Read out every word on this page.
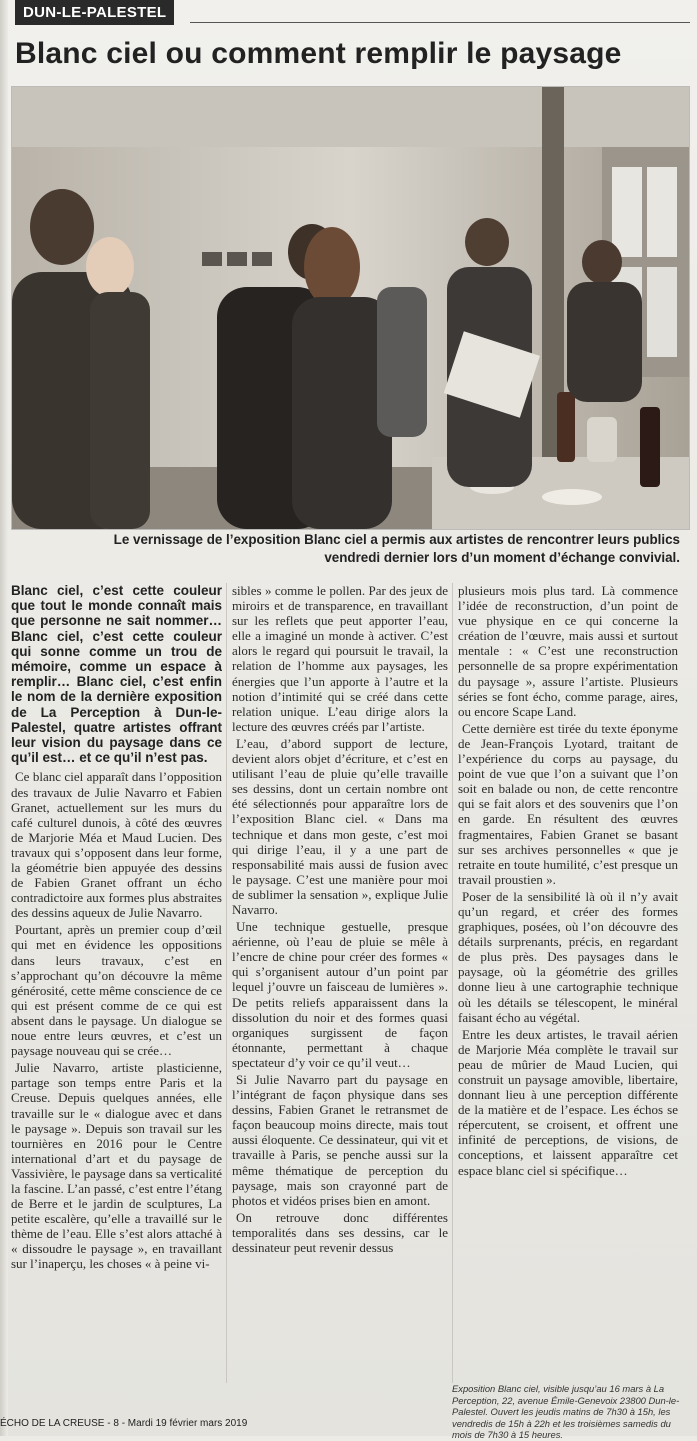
DUN-LE-PALESTEL
Blanc ciel ou comment remplir le paysage

Le vernissage de l’exposition Blanc ciel a permis aux artistes de rencontrer leurs publics vendredi dernier lors d’un moment d’échange convivial.

Blanc ciel, c’est cette couleur que tout le monde connaît mais que personne ne sait nommer… Blanc ciel, c’est cette couleur qui sonne comme un trou de mémoire, comme un espace à remplir… Blanc ciel, c’est enfin le nom de la dernière exposition de La Perception à Dun-le-Palestel, quatre artistes offrant leur vision du paysage dans ce qu’il est… et ce qu’il n’est pas.

Ce blanc ciel apparaît dans l’opposition des travaux de Julie Navarro et Fabien Granet, actuellement sur les murs du café culturel dunois, à côté des œuvres de Marjorie Méa et Maud Lucien. Des travaux qui s’opposent dans leur forme, la géométrie bien appuyée des dessins de Fabien Granet offrant un écho contradictoire aux formes plus abstraites des dessins aqueux de Julie Navarro.

Pourtant, après un premier coup d’œil qui met en évidence les oppositions dans leurs travaux, c’est en s’approchant qu’on découvre la même générosité, cette même conscience de ce qui est présent comme de ce qui est absent dans le paysage. Un dialogue se noue entre leurs œuvres, et c’est un paysage nouveau qui se crée…

Julie Navarro, artiste plasticienne, partage son temps entre Paris et la Creuse. Depuis quelques années, elle travaille sur le « dialogue avec et dans le paysage ». Depuis son travail sur les tournières en 2016 pour le Centre international d’art et du paysage de Vassivière, le paysage dans sa verticalité la fascine. L’an passé, c’est entre l’étang de Berre et le jardin de sculptures, La petite escalère, qu’elle a travaillé sur le thème de l’eau. Elle s’est alors attaché à « dissoudre le paysage », en travaillant sur l’inaperçu, les choses « à peine vi-

sibles » comme le pollen. Par des jeux de miroirs et de transparence, en travaillant sur les reflets que peut apporter l’eau, elle a imaginé un monde à activer. C’est alors le regard qui poursuit le travail, la relation de l’homme aux paysages, les énergies que l’un apporte à l’autre et la notion d’intimité qui se créé dans cette relation unique. L’eau dirige alors la lecture des œuvres créés par l’artiste.

L’eau, d’abord support de lecture, devient alors objet d’écriture, et c’est en utilisant l’eau de pluie qu’elle travaille ses dessins, dont un certain nombre ont été sélectionnés pour apparaître lors de l’exposition Blanc ciel. « Dans ma technique et dans mon geste, c’est moi qui dirige l’eau, il y a une part de responsabilité mais aussi de fusion avec le paysage. C’est une manière pour moi de sublimer la sensation », explique Julie Navarro.

Une technique gestuelle, presque aérienne, où l’eau de pluie se mêle à l’encre de chine pour créer des formes « qui s’organisent autour d’un point par lequel j’ouvre un faisceau de lumières ». De petits reliefs apparaissent dans la dissolution du noir et des formes quasi organiques surgissent de façon étonnante, permettant à chaque spectateur d’y voir ce qu’il veut…

Si Julie Navarro part du paysage en l’intégrant de façon physique dans ses dessins, Fabien Granet le retransmet de façon beaucoup moins directe, mais tout aussi éloquente. Ce dessinateur, qui vit et travaille à Paris, se penche aussi sur la même thématique de perception du paysage, mais son crayonné part de photos et vidéos prises bien en amont.

On retrouve donc différentes temporalités dans ses dessins, car le dessinateur peut revenir dessus

plusieurs mois plus tard. Là commence l’idée de reconstruction, d’un point de vue physique en ce qui concerne la création de l’œuvre, mais aussi et surtout mentale : « C’est une reconstruction personnelle de sa propre expérimentation du paysage », assure l’artiste. Plusieurs séries se font écho, comme parage, aires, ou encore Scape Land.

Cette dernière est tirée du texte éponyme de Jean-François Lyotard, traitant de l’expérience du corps au paysage, du point de vue que l’on a suivant que l’on soit en balade ou non, de cette rencontre qui se fait alors et des souvenirs que l’on en garde. En résultent des œuvres fragmentaires, Fabien Granet se basant sur ses archives personnelles « que je retraite en toute humilité, c’est presque un travail proustien ».

Poser de la sensibilité là où il n’y avait qu’un regard, et créer des formes graphiques, posées, où l’on découvre des détails surprenants, précis, en regardant de plus près. Des paysages dans le paysage, où la géométrie des grilles donne lieu à une cartographie technique où les détails se télescopent, le minéral faisant écho au végétal.

Entre les deux artistes, le travail aérien de Marjorie Méa complète le travail sur peau de mûrier de Maud Lucien, qui construit un paysage amovible, libertaire, donnant lieu à une perception différente de la matière et de l’espace. Les échos se répercutent, se croisent, et offrent une infinité de perceptions, de visions, de conceptions, et laissent apparaître cet espace blanc ciel si spécifique…

Exposition Blanc ciel, visible jusqu’au 16 mars à La Perception, 22, avenue Émile-Genevoix 23800 Dun-le-Palestel. Ouvert les jeudis matins de 7h30 à 15h, les vendredis de 15h à 22h et les troisièmes samedis du mois de 7h30 à 15 heures.

ÉCHO DE LA CREUSE - 8 - Mardi 19 février mars 2019
